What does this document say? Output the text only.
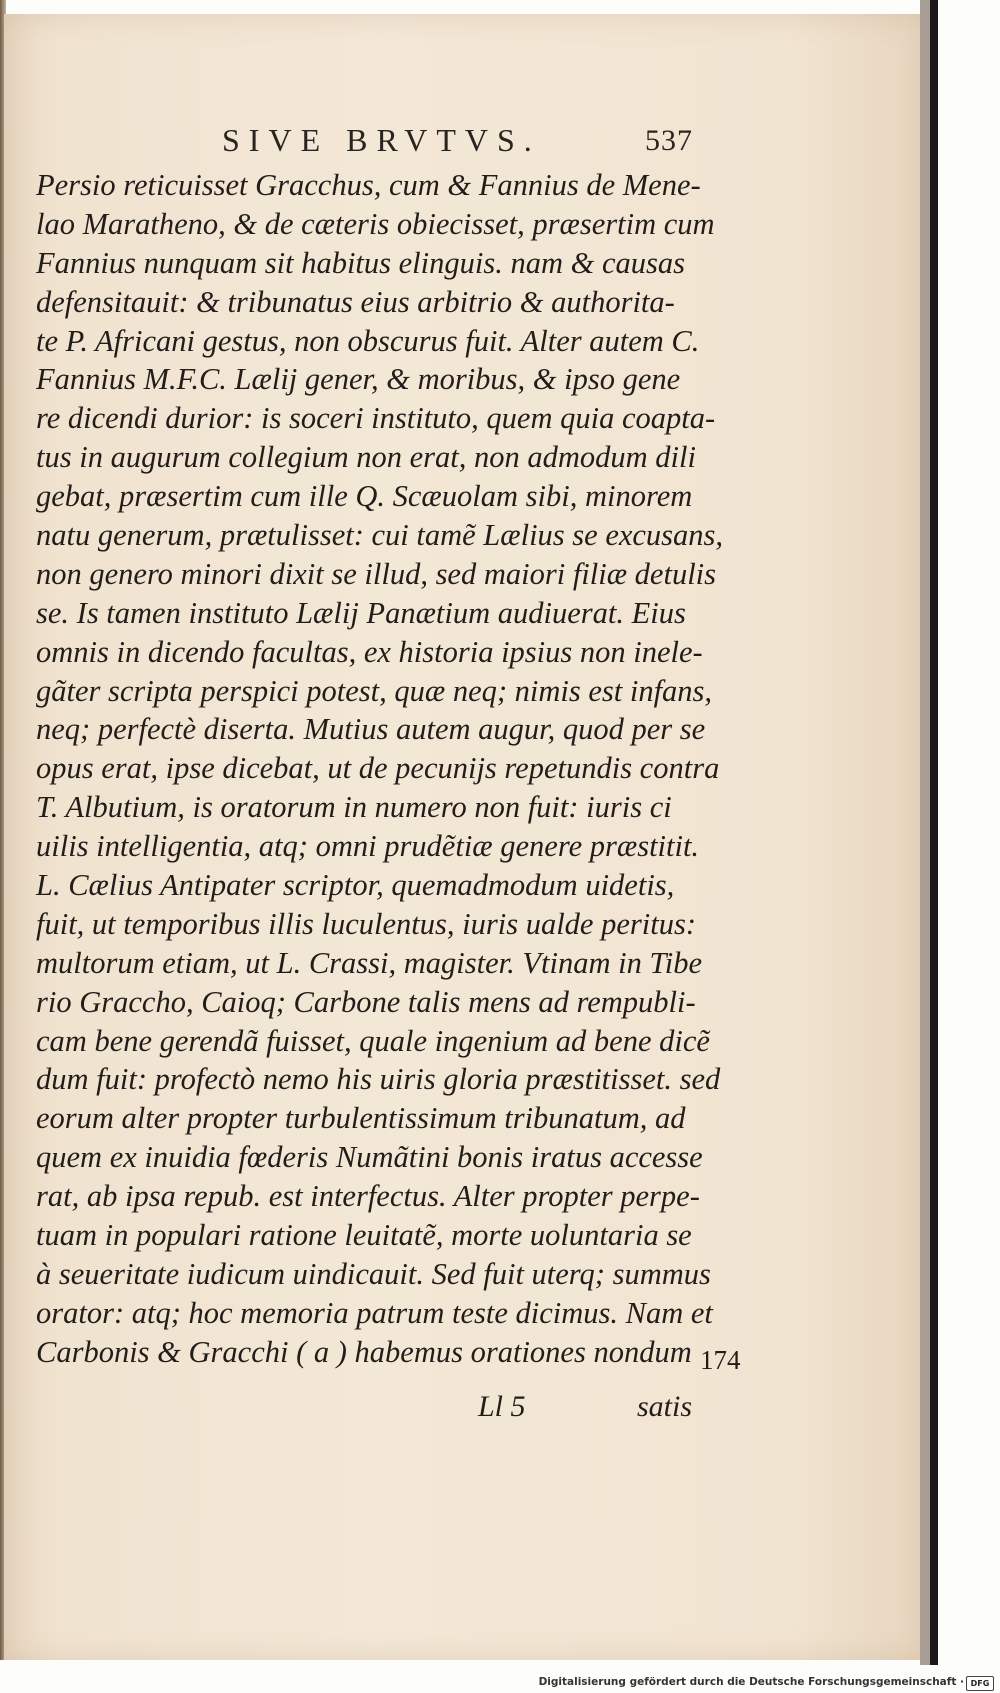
SIVE BRVTVS.	537
Persio reticuisset Gracchus, cum & Fannius de Mene-
lao Maratheno, & de cæteris obiecisset, præsertim cum
Fannius nunquam sit habitus elinguis. nam & causas
defensitauit: & tribunatus eius arbitrio & authorita-
te P. Africani gestus, non obscurus fuit. Alter autem C.
Fannius M.F.C. Lælij gener, & moribus, & ipso gene
re dicendi durior: is soceri instituto, quem quia coapta-
tus in augurum collegium non erat, non admodum dili
gebat, præsertim cum ille Q. Scæuolam sibi, minorem
natu generum, prætulisset: cui tamẽ Lælius se excusans,
non genero minori dixit se illud, sed maiori filiæ detulis
se. Is tamen instituto Lælij Panætium audiuerat. Eius
omnis in dicendo facultas, ex historia ipsius non inele-
gãter scripta perspici potest, quæ neq; nimis est infans,
neq; perfectè diserta. Mutius autem augur, quod per se
opus erat, ipse dicebat, ut de pecunijs repetundis contra
T. Albutium, is oratorum in numero non fuit: iuris ci
uilis intelligentia, atq; omni prudẽtiæ genere præstitit.
L. Cælius Antipater scriptor, quemadmodum uidetis,
fuit, ut temporibus illis luculentus, iuris ualde peritus:
multorum etiam, ut L. Crassi, magister. Vtinam in Tibe
rio Graccho, Caioq; Carbone talis mens ad rempubli-
cam bene gerendã fuisset, quale ingenium ad bene dicẽ
dum fuit: profectò nemo his uiris gloria præstitisset. sed
eorum alter propter turbulentissimum tribunatum, ad
quem ex inuidia fœderis Numãtini bonis iratus accesse
rat, ab ipsa repub. est interfectus. Alter propter perpe-
tuam in populari ratione leuitatẽ, morte uoluntaria se
à seueritate iudicum uindicauit. Sed fuit uterq; summus
orator: atq; hoc memoria patrum teste dicimus. Nam et
Carbonis & Gracchi ( a ) habemus orationes nondum 174
Ll 5	satis
Digitalisierung gefördert durch die Deutsche Forschungsgemeinschaft · DFG
